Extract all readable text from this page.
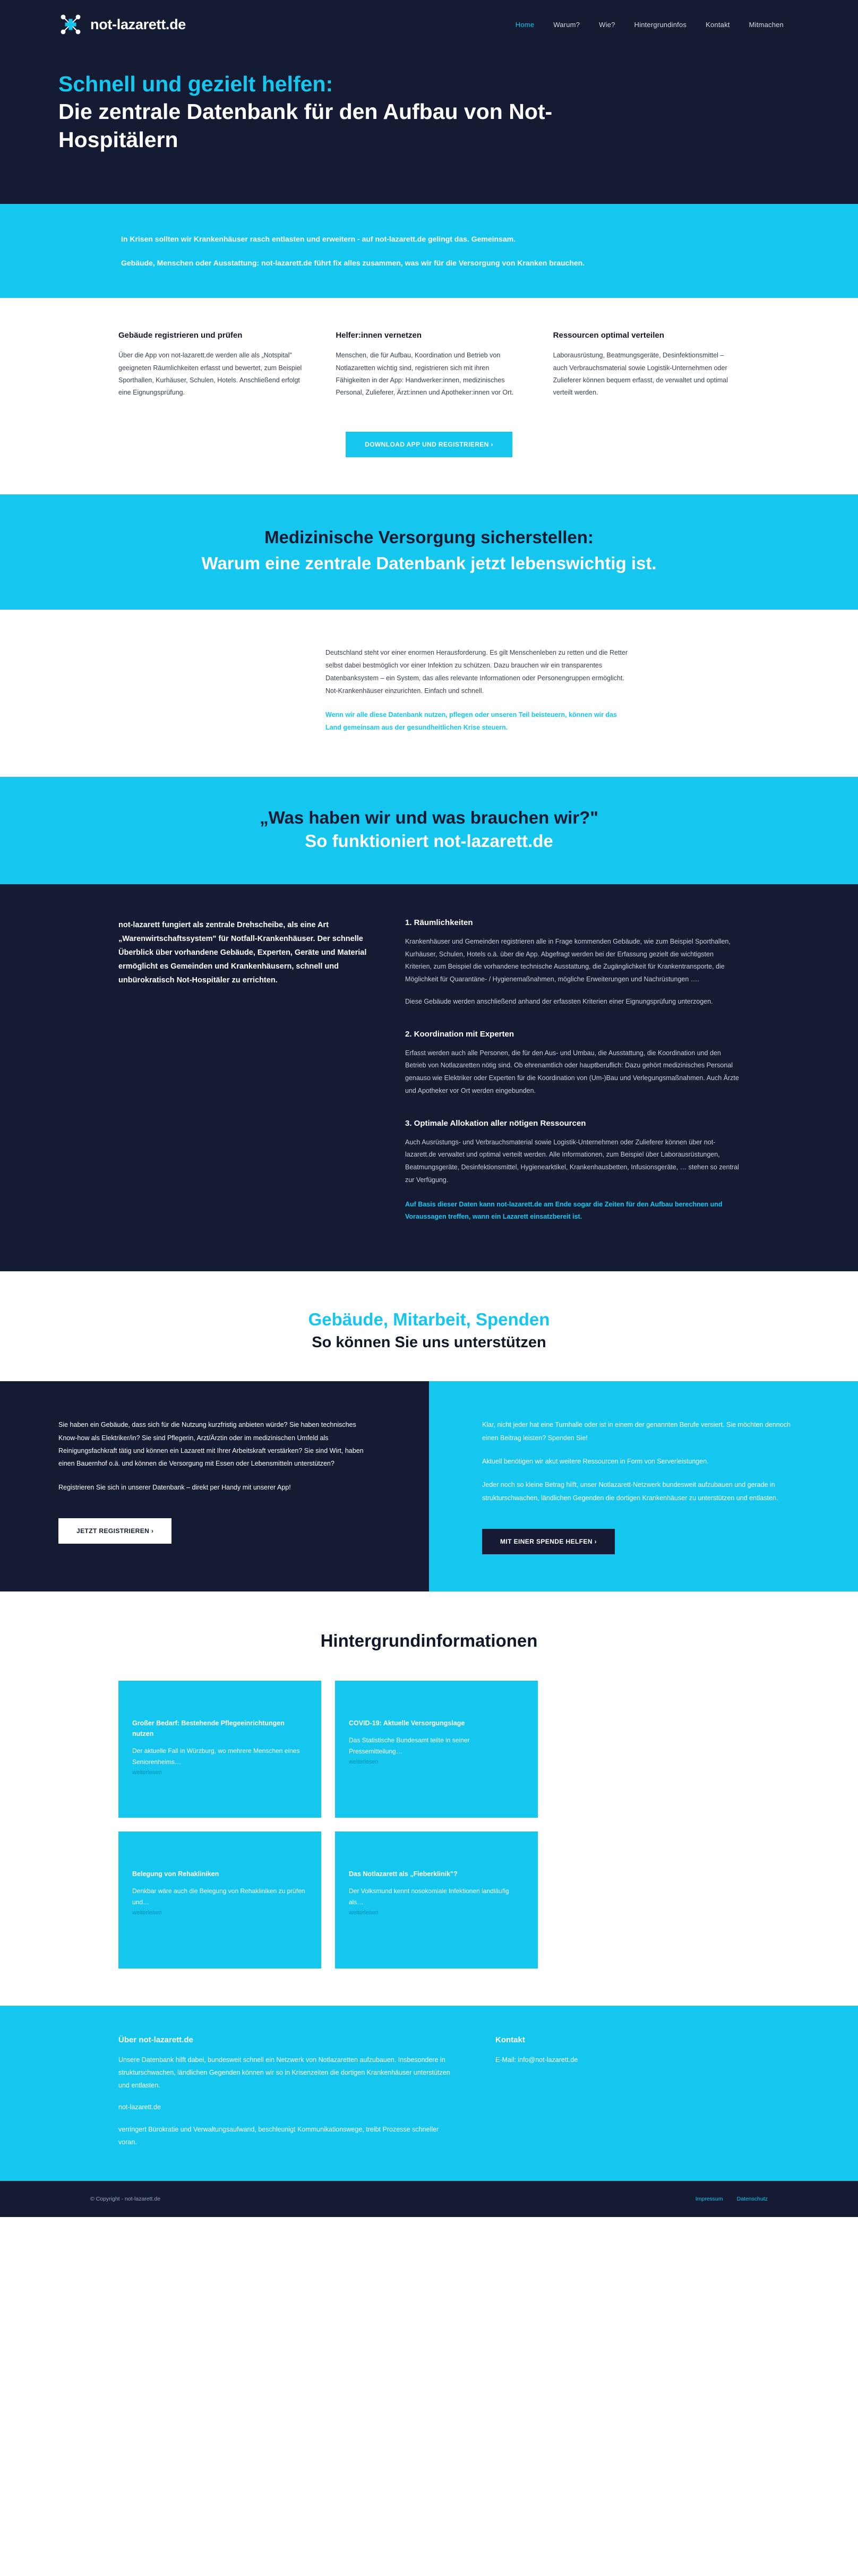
not-lazarett.de	Home	Warum?	Wie?	Hintergrundinfos	Kontakt	Mitmachen
Schnell und gezielt helfen:
Die zentrale Datenbank für den Aufbau von Not-Hospitälern

In Krisen sollten wir Krankenhäuser rasch entlasten und erweitern - auf not-lazarett.de gelingt das. Gemeinsam.

Gebäude, Menschen oder Ausstattung: not-lazarett.de führt fix alles zusammen, was wir für die Versorgung von Kranken brauchen.

Gebäude registrieren und prüfen

Über die App von not-lazarett.de werden alle als „Notspital" geeigneten Räumlichkeiten erfasst und bewertet, zum Beispiel Sporthallen, Kurhäuser, Schulen, Hotels. Anschließend erfolgt eine Eignungsprüfung.

Helfer:innen vernetzen

Menschen, die für Aufbau, Koordination und Betrieb von Notlazaretten wichtig sind, registrieren sich mit ihren Fähigkeiten in der App: Handwerker:innen, medizinisches Personal, Zulieferer, Ärzt:innen und Apotheker:innen vor Ort.

Ressourcen optimal verteilen

Laborausrüstung, Beatmungsgeräte, Desinfektionsmittel – auch Verbrauchsmaterial sowie Logistik-Unternehmen oder Zulieferer können bequem erfasst, de verwaltet und optimal verteilt werden.

DOWNLOAD APP UND REGISTRIEREN ›
Medizinische Versorgung sicherstellen:
Warum eine zentrale Datenbank jetzt lebenswichtig ist.

Deutschland steht vor einer enormen Herausforderung. Es gilt Menschenleben zu retten und die Retter selbst dabei bestmöglich vor einer Infektion zu schützen. Dazu brauchen wir ein transparentes Datenbanksystem – ein System, das alles relevante Informationen oder Personengruppen ermöglicht. Not-Krankenhäuser einzurichten. Einfach und schnell.

Wenn wir alle diese Datenbank nutzen, pflegen oder unseren Teil beisteuern, können wir das Land gemeinsam aus der gesundheitlichen Krise steuern.

„Was haben wir und was brauchen wir?"
So funktioniert not-lazarett.de
not-lazarett fungiert als zentrale Drehscheibe, als eine Art „Warenwirtschaftssystem" für Notfall-Krankenhäuser. Der schnelle Überblick über vorhandene Gebäude, Experten, Geräte und Material ermöglicht es Gemeinden und Krankenhäusern, schnell und unbürokratisch Not-Hospitäler zu errichten.
1. Räumlichkeiten

Krankenhäuser und Gemeinden registrieren alle in Frage kommenden Gebäude, wie zum Beispiel Sporthallen, Kurhäuser, Schulen, Hotels o.ä. über die App. Abgefragt werden bei der Erfassung gezielt die wichtigsten Kriterien, zum Beispiel die vorhandene technische Ausstattung, die Zugänglichkeit für Krankentransporte, die Möglichkeit für Quarantäne- / Hygienemaßnahmen, mögliche Erweiterungen und Nachrüstungen ….

Diese Gebäude werden anschließend anhand der erfassten Kriterien einer Eignungsprüfung unterzogen.

2. Koordination mit Experten

Erfasst werden auch alle Personen, die für den Aus- und Umbau, die Ausstattung, die Koordination und den Betrieb von Notlazaretten nötig sind. Ob ehrenamtlich oder hauptberuflich: Dazu gehört medizinisches Personal genauso wie Elektriker oder Experten für die Koordination von (Um-)Bau und Verlegungsmaßnahmen. Auch Ärzte und Apotheker vor Ort werden eingebunden.

3. Optimale Allokation aller nötigen Ressourcen

Auch Ausrüstungs- und Verbrauchsmaterial sowie Logistik-Unternehmen oder Zulieferer können über not-lazarett.de verwaltet und optimal verteilt werden. Alle Informationen, zum Beispiel über Laborausrüstungen, Beatmungsgeräte, Desinfektionsmittel, Hygienearktikel, Krankenhausbetten, Infusionsgeräte, … stehen so zentral zur Verfügung.

Auf Basis dieser Daten kann not-lazarett.de am Ende sogar die Zeiten für den Aufbau berechnen und Voraussagen treffen, wann ein Lazarett einsatzbereit ist.

Gebäude, Mitarbeit, Spenden
So können Sie uns unterstützen

Sie haben ein Gebäude, dass sich für die Nutzung kurzfristig anbieten würde? Sie haben technisches Know-how als Elektriker/in? Sie sind Pflegerin, Arzt/Ärztin oder im medizinischen Umfeld als Reinigungsfachkraft tätig und können ein Lazarett mit Ihrer Arbeitskraft verstärken? Sie sind Wirt, haben einen Bauernhof o.ä. und können die Versorgung mit Essen oder Lebensmitteln unterstützen?

Registrieren Sie sich in unserer Datenbank – direkt per Handy mit unserer App!

JETZT REGISTRIEREN ›

Klar, nicht jeder hat eine Turnhalle oder ist in einem der genannten Berufe versiert. Sie möchten dennoch einen Beitrag leisten? Spenden Sie!

Aktuell benötigen wir akut weitere Ressourcen in Form von Serverleistungen.

Jeder noch so kleine Betrag hilft, unser Notlazarett-Netzwerk bundesweit aufzubauen und gerade in strukturschwachen, ländlichen Gegenden die dortigen Krankenhäuser zu unterstützen und entlasten.

MIT EINER SPENDE HELFEN ›
Hintergrundinformationen
Großer Bedarf: Bestehende Pflegeeinrichtungen nutzen

Der aktuelle Fall in Würzburg, wo mehrere Menschen eines Seniorenheims…

weiterlesen

COVID-19: Aktuelle Versorgungslage

Das Statistische Bundesamt teilte in seiner Pressemitteilung…

weiterlesen

Belegung von Rehakliniken

Denkbar wäre auch die Belegung von Rehakliniken zu prüfen und…

weiterlesen

Das Notlazarett als „Fieberklinik"?

Der Volksmund kennt nosokomiale Infektionen landläufig als…

weiterlesen

Über not-lazarett.de

Unsere Datenbank hilft dabei, bundesweit schnell ein Netzwerk von Notlazaretten aufzubauen. Insbesondere in strukturschwachen, ländlichen Gegenden können wir so in Krisenzeiten die dortigen Krankenhäuser unterstützen und entlasten.

not-lazarett.de

verringert Bürokratie und Verwaltungsaufwand, beschleunigt Kommunikationswege, treibt Prozesse schneller voran.

Kontakt

E-Mail: info@not-lazarett.de

© Copyright - not-lazarett.de	Impressum Datenschutz
